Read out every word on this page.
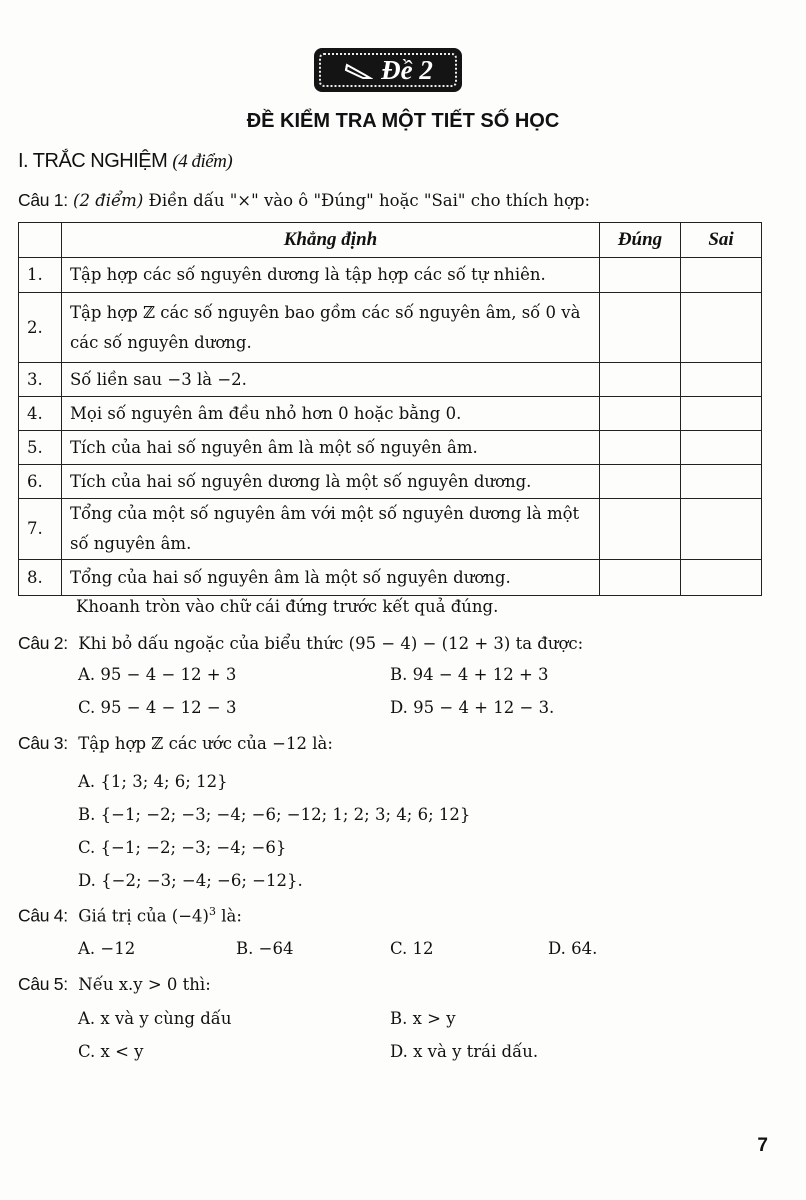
Đề 2
ĐỀ KIỂM TRA MỘT TIẾT SỐ HỌC
I. TRẮC NGHIỆM (4 điểm)
Câu 1: (2 điểm) Điền dấu "×" vào ô "Đúng" hoặc "Sai" cho thích hợp:
	Khẳng định	Đúng	Sai
1.	Tập hợp các số nguyên dương là tập hợp các số tự nhiên.		
2.	Tập hợp ℤ các số nguyên bao gồm các số nguyên âm, số 0 và các số nguyên dương.		
3.	Số liền sau −3 là −2.		
4.	Mọi số nguyên âm đều nhỏ hơn 0 hoặc bằng 0.		
5.	Tích của hai số nguyên âm là một số nguyên âm.		
6.	Tích của hai số nguyên dương là một số nguyên dương.		
7.	Tổng của một số nguyên âm với một số nguyên dương là một số nguyên âm.		
8.	Tổng của hai số nguyên âm là một số nguyên dương.		
Khoanh tròn vào chữ cái đứng trước kết quả đúng.
Câu 2: Khi bỏ dấu ngoặc của biểu thức (95 − 4) − (12 + 3) ta được:
A. 95 − 4 − 12 + 3	B. 94 − 4 + 12 + 3
C. 95 − 4 − 12 − 3	D. 95 − 4 + 12 − 3.
Câu 3: Tập hợp ℤ các ước của −12 là:
A. {1; 3; 4; 6; 12}
B. {−1; −2; −3; −4; −6; −12; 1; 2; 3; 4; 6; 12}
C. {−1; −2; −3; −4; −6}
D. {−2; −3; −4; −6; −12}.
Câu 4: Giá trị của $(-4)^3$ là:
A. −12	B. −64	C. 12	D. 64.
Câu 5: Nếu x.y > 0 thì:
A. x và y cùng dấu	B. x > y
C. x < y	D. x và y trái dấu.
7
